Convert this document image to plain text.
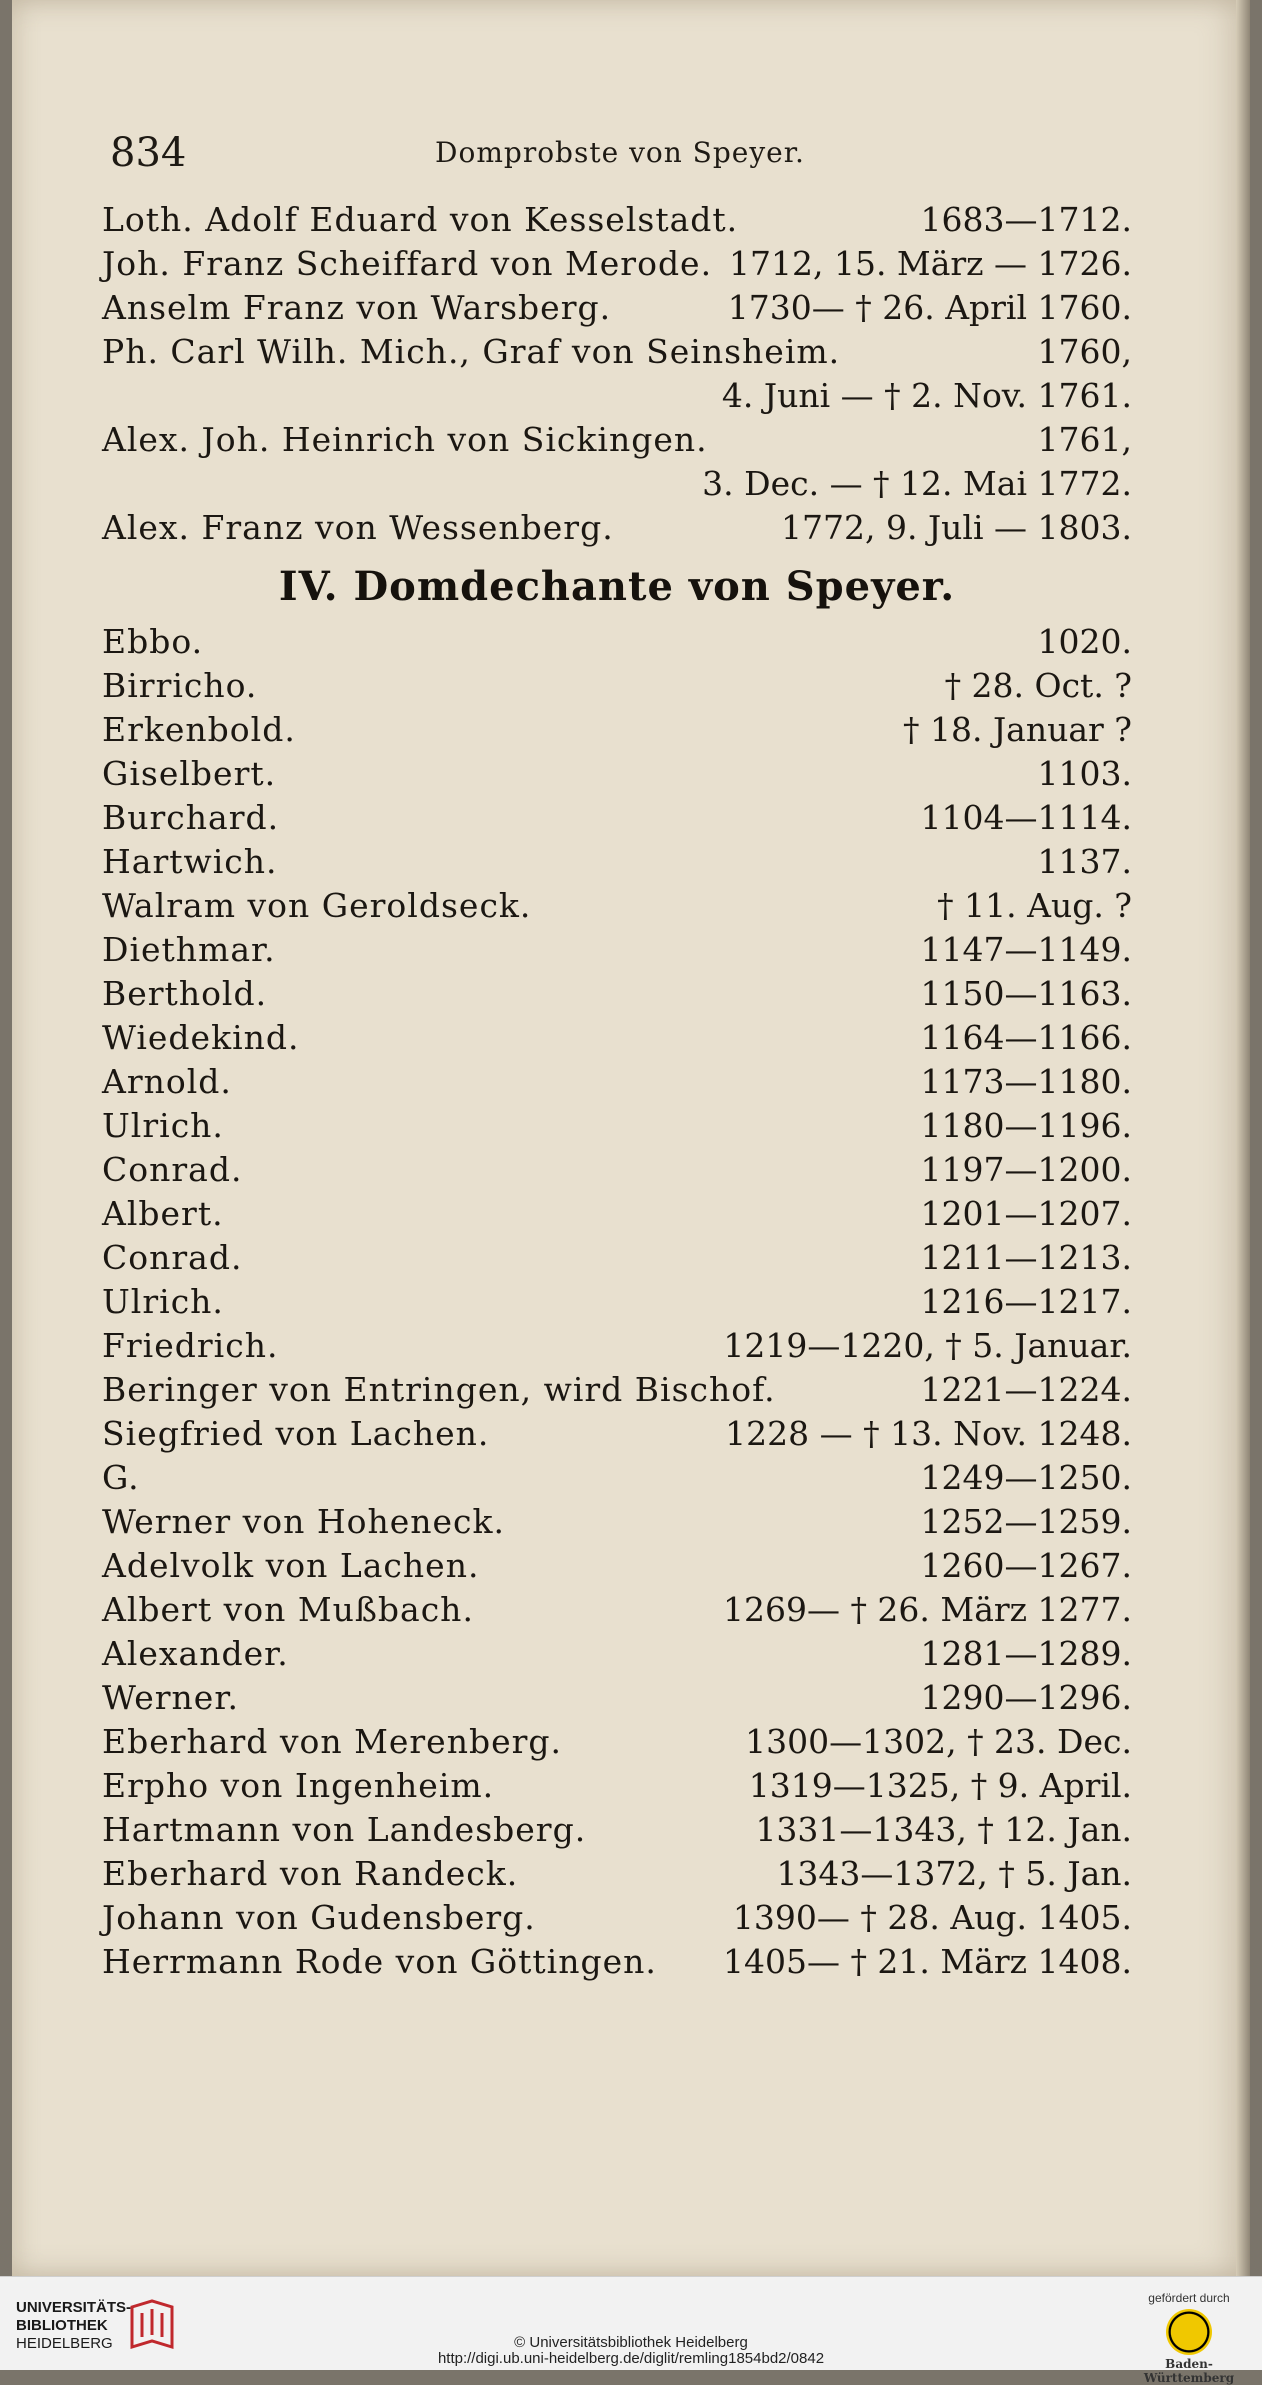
834	Domprobste von Speyer.
Loth. Adolf Eduard von Kesselstadt.	1683—1712.
Joh. Franz Scheiffard von Merode. 1712, 15. März — 1726.
Anselm Franz von Warsberg.	1730— † 26. April 1760.
Ph. Carl Wilh. Mich., Graf von Seinsheim.	1760,
4. Juni — † 2. Nov. 1761.
Alex. Joh. Heinrich von Sickingen.	1761,
3. Dec. — † 12. Mai 1772.
Alex. Franz von Wessenberg.	1772, 9. Juli — 1803.
IV. Domdechante von Speyer.
Ebbo.	1020.
Birricho.	† 28. Oct. ?
Erkenbold.	† 18. Januar ?
Giselbert.	1103.
Burchard.	1104—1114.
Hartwich.	1137.
Walram von Geroldseck.	† 11. Aug. ?
Diethmar.	1147—1149.
Berthold.	1150—1163.
Wiedekind.	1164—1166.
Arnold.	1173—1180.
Ulrich.	1180—1196.
Conrad.	1197—1200.
Albert.	1201—1207.
Conrad.	1211—1213.
Ulrich.	1216—1217.
Friedrich.	1219—1220, † 5. Januar.
Beringer von Entringen, wird Bischof.	1221—1224.
Siegfried von Lachen.	1228 — † 13. Nov. 1248.
G.	1249—1250.
Werner von Hoheneck.	1252—1259.
Adelvolk von Lachen.	1260—1267.
Albert von Mußbach.	1269— † 26. März 1277.
Alexander.	1281—1289.
Werner.	1290—1296.
Eberhard von Merenberg.	1300—1302, † 23. Dec.
Erpho von Ingenheim.	1319—1325, † 9. April.
Hartmann von Landesberg.	1331—1343, † 12. Jan.
Eberhard von Randeck.	1343—1372, † 5. Jan.
Johann von Gudensberg.	1390— † 28. Aug. 1405.
Herrmann Rode von Göttingen. 1405— † 21. März 1408.
UNIVERSITÄTS-
BIBLIOTHEK
HEIDELBERG	© Universitätsbibliothek Heidelberg
http://digi.ub.uni-heidelberg.de/diglit/remling1854bd2/0842
gefördert durch
Baden-Württemberg
